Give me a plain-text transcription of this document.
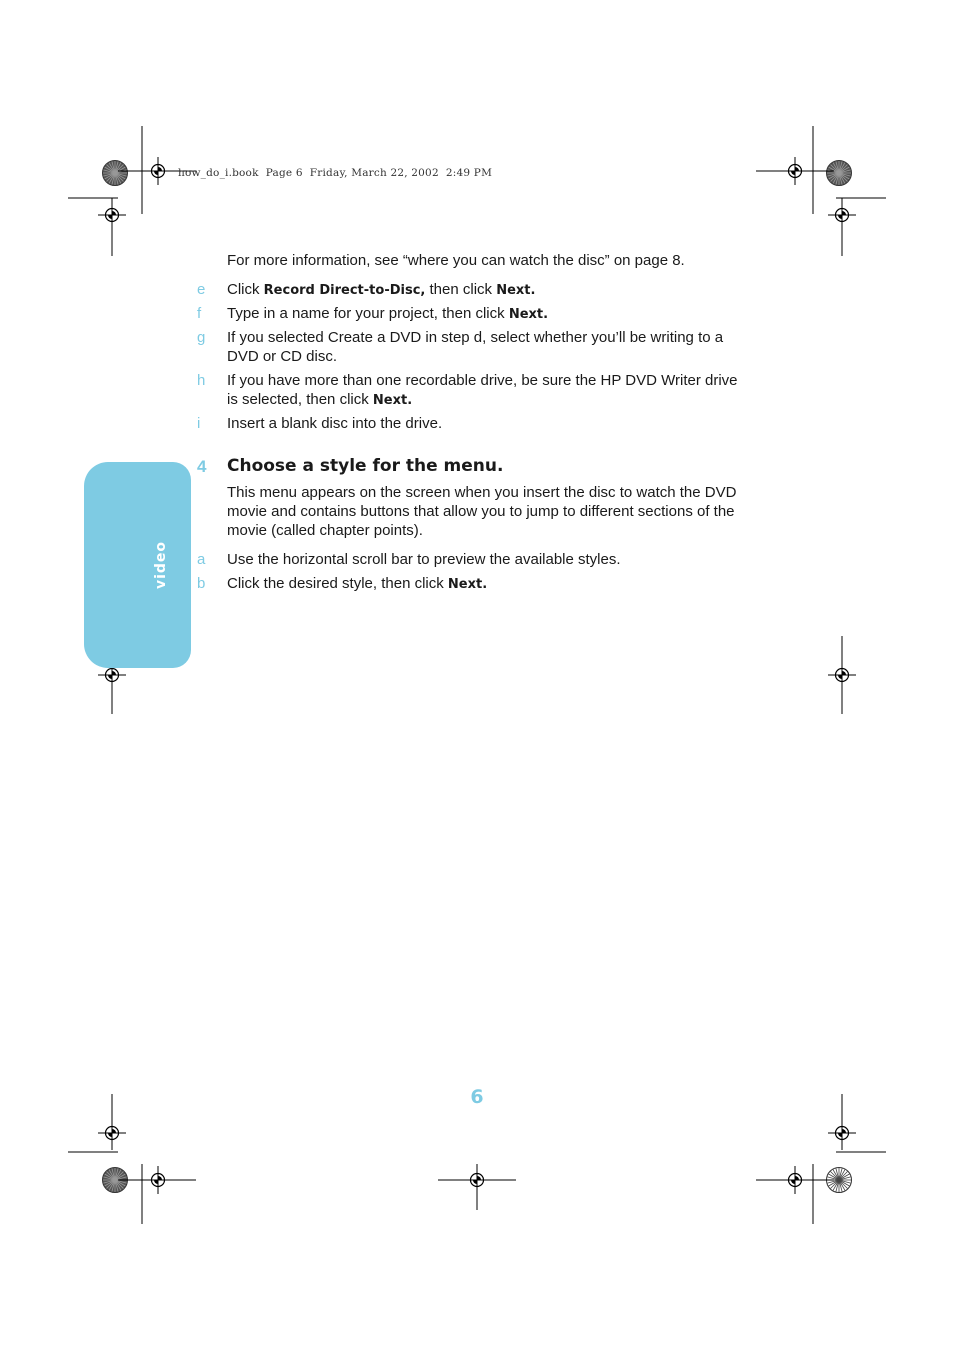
how_do_i.book  Page 6  Friday, March 22, 2002  2:49 PM
video
For more information, see “where you can watch the disc” on page 8.
e Click Record Direct-to-Disc, then click Next.
f Type in a name for your project, then click Next.
g If you selected Create a DVD in step d, select whether you’ll be writing to a
DVD or CD disc.
h If you have more than one recordable drive, be sure the HP DVD Writer drive
is selected, then click Next.
i Insert a blank disc into the drive.
4 Choose a style for the menu.
This menu appears on the screen when you insert the disc to watch the DVD
movie and contains buttons that allow you to jump to different sections of the
movie (called chapter points).
a Use the horizontal scroll bar to preview the available styles.
b Click the desired style, then click Next.
6
